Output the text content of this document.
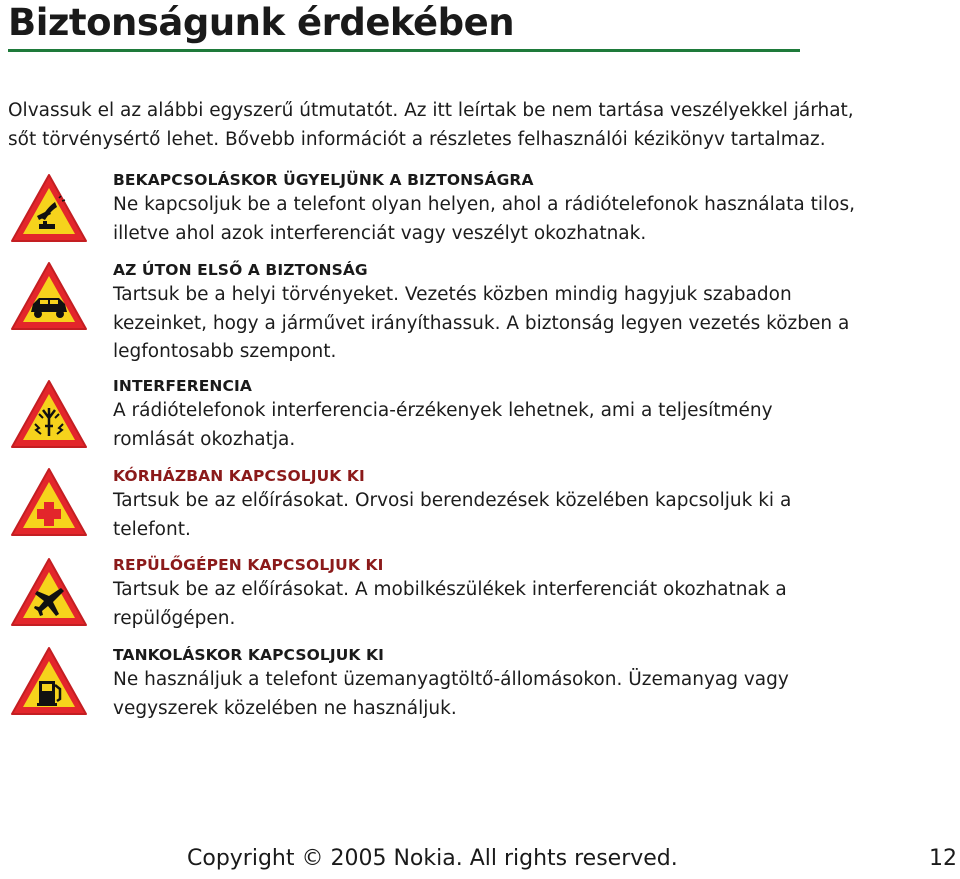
Biztonságunk érdekében

Olvassuk el az alábbi egyszerű útmutatót. Az itt leírtak be nem tartása veszélyekkel járhat,

sőt törvénysértő lehet. Bővebb információt a részletes felhasználói kézikönyv tartalmaz.

BEKAPCSOLÁSKOR ÜGYELJÜNK A BIZTONSÁGRA
Ne kapcsoljuk be a telefont olyan helyen, ahol a rádiótelefonok használata tilos,
illetve ahol azok interferenciát vagy veszélyt okozhatnak.
AZ ÚTON ELSŐ A BIZTONSÁG
Tartsuk be a helyi törvényeket. Vezetés közben mindig hagyjuk szabadon
kezeinket, hogy a járművet irányíthassuk. A biztonság legyen vezetés közben a
legfontosabb szempont.
INTERFERENCIA
A rádiótelefonok interferencia-érzékenyek lehetnek, ami a teljesítmény
romlását okozhatja.
KÓRHÁZBAN KAPCSOLJUK KI
Tartsuk be az előírásokat. Orvosi berendezések közelében kapcsoljuk ki a
telefont.
REPÜLŐGÉPEN KAPCSOLJUK KI
Tartsuk be az előírásokat. A mobilkészülékek interferenciát okozhatnak a
repülőgépen.
TANKOLÁSKOR KAPCSOLJUK KI
Ne használjuk a telefont üzemanyagtöltő-állomásokon. Üzemanyag vagy
vegyszerek közelében ne használjuk.
Copyright © 2005 Nokia. All rights reserved.	12
